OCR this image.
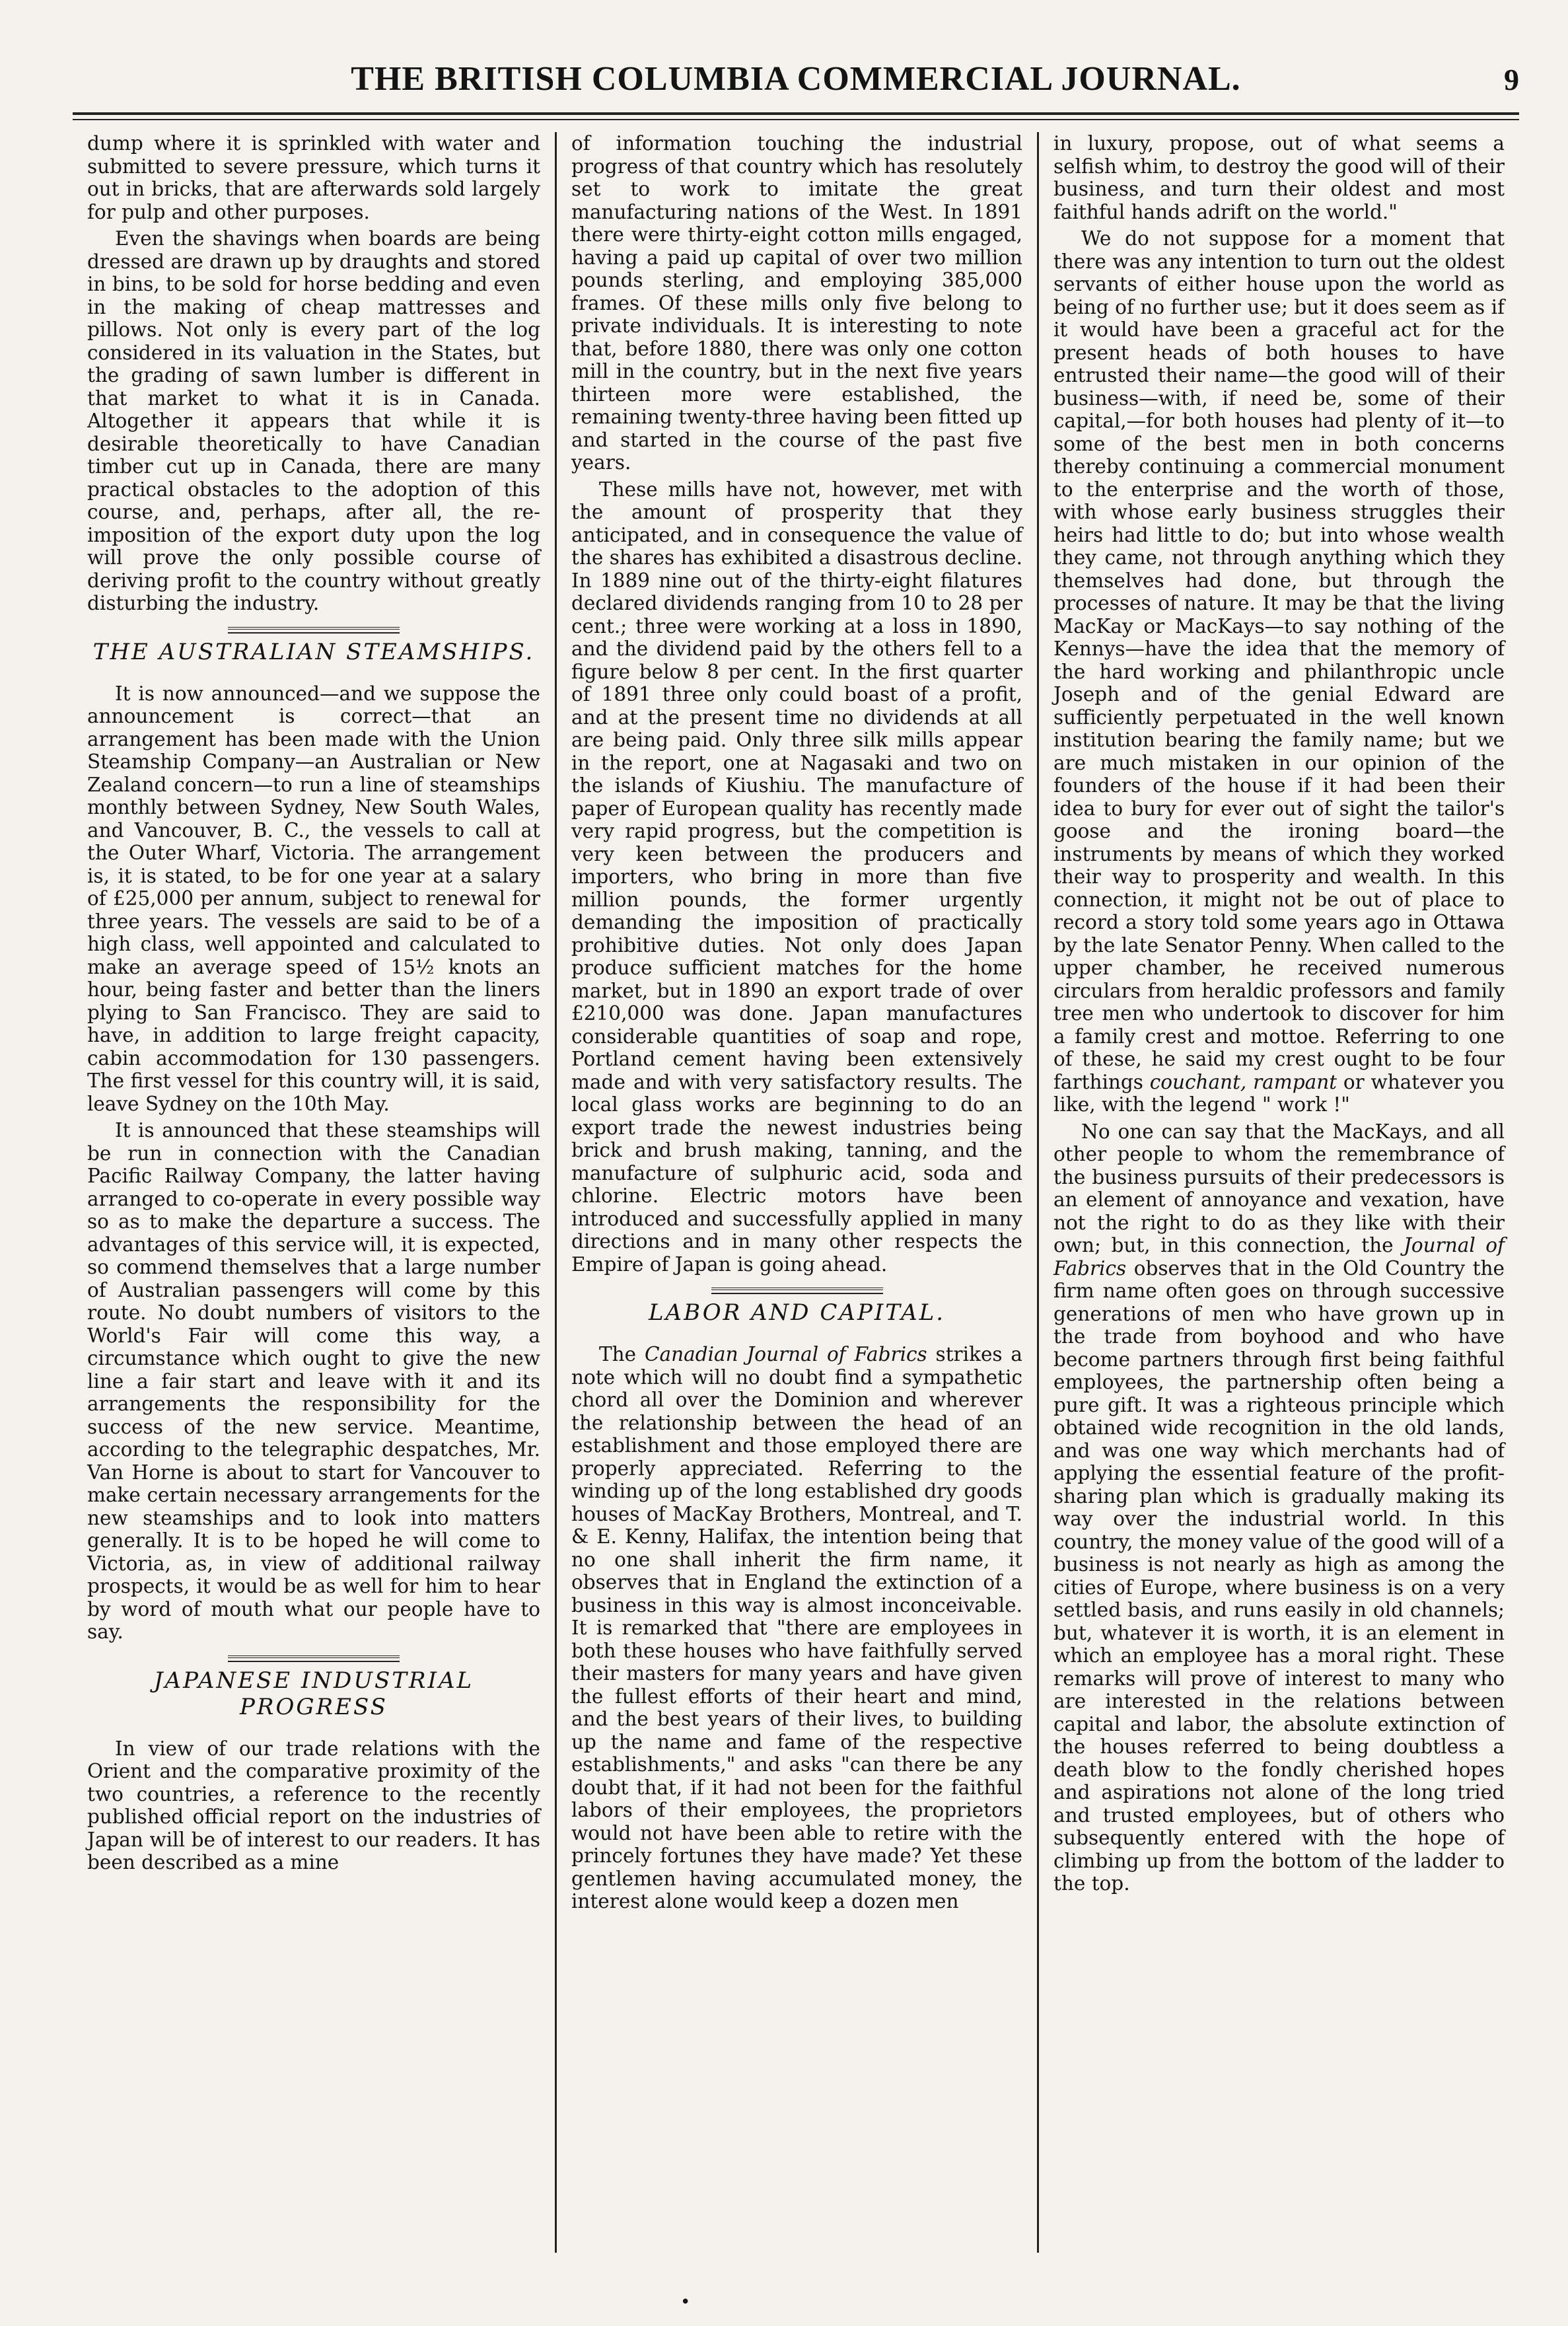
THE BRITISH COLUMBIA COMMERCIAL JOURNAL.	9

dump where it is sprinkled with water and submitted to severe pressure, which turns it out in bricks, that are afterwards sold largely for pulp and other purposes.

Even the shavings when boards are being dressed are drawn up by draughts and stored in bins, to be sold for horse bedding and even in the making of cheap mattresses and pillows. Not only is every part of the log considered in its valuation in the States, but the grading of sawn lumber is different in that market to what it is in Canada. Altogether it appears that while it is desirable theoretically to have Canadian timber cut up in Canada, there are many practical obstacles to the adoption of this course, and, perhaps, after all, the re-imposition of the export duty upon the log will prove the only possible course of deriving profit to the country without greatly disturbing the industry.

THE AUSTRALIAN STEAMSHIPS.

It is now announced—and we suppose the announcement is correct—that an arrangement has been made with the Union Steamship Company—an Australian or New Zealand concern—to run a line of steamships monthly between Sydney, New South Wales, and Vancouver, B. C., the vessels to call at the Outer Wharf, Victoria. The arrangement is, it is stated, to be for one year at a salary of £25,000 per annum, subject to renewal for three years. The vessels are said to be of a high class, well appointed and calculated to make an average speed of 15½ knots an hour, being faster and better than the liners plying to San Francisco. They are said to have, in addition to large freight capacity, cabin accommodation for 130 passengers. The first vessel for this country will, it is said, leave Sydney on the 10th May.

It is announced that these steamships will be run in connection with the Canadian Pacific Railway Company, the latter having arranged to co-operate in every possible way so as to make the departure a success. The advantages of this service will, it is expected, so commend themselves that a large number of Australian passengers will come by this route. No doubt numbers of visitors to the World's Fair will come this way, a circumstance which ought to give the new line a fair start and leave with it and its arrangements the responsibility for the success of the new service. Meantime, according to the telegraphic despatches, Mr. Van Horne is about to start for Vancouver to make certain necessary arrangements for the new steamships and to look into matters generally. It is to be hoped he will come to Victoria, as, in view of additional railway prospects, it would be as well for him to hear by word of mouth what our people have to say.

JAPANESE INDUSTRIAL PROGRESS

In view of our trade relations with the Orient and the comparative proximity of the two countries, a reference to the recently published official report on the industries of Japan will be of interest to our readers. It has been described as a mine

of information touching the industrial progress of that country which has resolutely set to work to imitate the great manufacturing nations of the West. In 1891 there were thirty-eight cotton mills engaged, having a paid up capital of over two million pounds sterling, and employing 385,000 frames. Of these mills only five belong to private individuals. It is interesting to note that, before 1880, there was only one cotton mill in the country, but in the next five years thirteen more were established, the remaining twenty-three having been fitted up and started in the course of the past five years.

These mills have not, however, met with the amount of prosperity that they anticipated, and in consequence the value of the shares has exhibited a disastrous decline. In 1889 nine out of the thirty-eight filatures declared dividends ranging from 10 to 28 per cent.; three were working at a loss in 1890, and the dividend paid by the others fell to a figure below 8 per cent. In the first quarter of 1891 three only could boast of a profit, and at the present time no dividends at all are being paid. Only three silk mills appear in the report, one at Nagasaki and two on the islands of Kiushiu. The manufacture of paper of European quality has recently made very rapid progress, but the competition is very keen between the producers and importers, who bring in more than five million pounds, the former urgently demanding the imposition of practically prohibitive duties. Not only does Japan produce sufficient matches for the home market, but in 1890 an export trade of over £210,000 was done. Japan manufactures considerable quantities of soap and rope, Portland cement having been extensively made and with very satisfactory results. The local glass works are beginning to do an export trade the newest industries being brick and brush making, tanning, and the manufacture of sulphuric acid, soda and chlorine. Electric motors have been introduced and successfully applied in many directions and in many other respects the Empire of Japan is going ahead.

LABOR AND CAPITAL.

The Canadian Journal of Fabrics strikes a note which will no doubt find a sympathetic chord all over the Dominion and wherever the relationship between the head of an establishment and those employed there are properly appreciated. Referring to the winding up of the long established dry goods houses of MacKay Brothers, Montreal, and T. & E. Kenny, Halifax, the intention being that no one shall inherit the firm name, it observes that in England the extinction of a business in this way is almost inconceivable. It is remarked that "there are employees in both these houses who have faithfully served their masters for many years and have given the fullest efforts of their heart and mind, and the best years of their lives, to building up the name and fame of the respective establishments," and asks "can there be any doubt that, if it had not been for the faithful labors of their employees, the proprietors would not have been able to retire with the princely fortunes they have made? Yet these gentlemen having accumulated money, the interest alone would keep a dozen men

in luxury, propose, out of what seems a selfish whim, to destroy the good will of their business, and turn their oldest and most faithful hands adrift on the world."

We do not suppose for a moment that there was any intention to turn out the oldest servants of either house upon the world as being of no further use; but it does seem as if it would have been a graceful act for the present heads of both houses to have entrusted their name—the good will of their business—with, if need be, some of their capital,—for both houses had plenty of it—to some of the best men in both concerns thereby continuing a commercial monument to the enterprise and the worth of those, with whose early business struggles their heirs had little to do; but into whose wealth they came, not through anything which they themselves had done, but through the processes of nature. It may be that the living MacKay or MacKays—to say nothing of the Kennys—have the idea that the memory of the hard working and philanthropic uncle Joseph and of the genial Edward are sufficiently perpetuated in the well known institution bearing the family name; but we are much mistaken in our opinion of the founders of the house if it had been their idea to bury for ever out of sight the tailor's goose and the ironing board—the instruments by means of which they worked their way to prosperity and wealth. In this connection, it might not be out of place to record a story told some years ago in Ottawa by the late Senator Penny. When called to the upper chamber, he received numerous circulars from heraldic professors and family tree men who undertook to discover for him a family crest and mottoe. Referring to one of these, he said my crest ought to be four farthings couchant, rampant or whatever you like, with the legend " work !"

No one can say that the MacKays, and all other people to whom the remembrance of the business pursuits of their predecessors is an element of annoyance and vexation, have not the right to do as they like with their own; but, in this connection, the Journal of Fabrics observes that in the Old Country the firm name often goes on through successive generations of men who have grown up in the trade from boyhood and who have become partners through first being faithful employees, the partnership often being a pure gift. It was a righteous principle which obtained wide recognition in the old lands, and was one way which merchants had of applying the essential feature of the profit-sharing plan which is gradually making its way over the industrial world. In this country, the money value of the good will of a business is not nearly as high as among the cities of Europe, where business is on a very settled basis, and runs easily in old channels; but, whatever it is worth, it is an element in which an employee has a moral right. These remarks will prove of interest to many who are interested in the relations between capital and labor, the absolute extinction of the houses referred to being doubtless a death blow to the fondly cherished hopes and aspirations not alone of the long tried and trusted employees, but of others who subsequently entered with the hope of climbing up from the bottom of the ladder to the top.

•
